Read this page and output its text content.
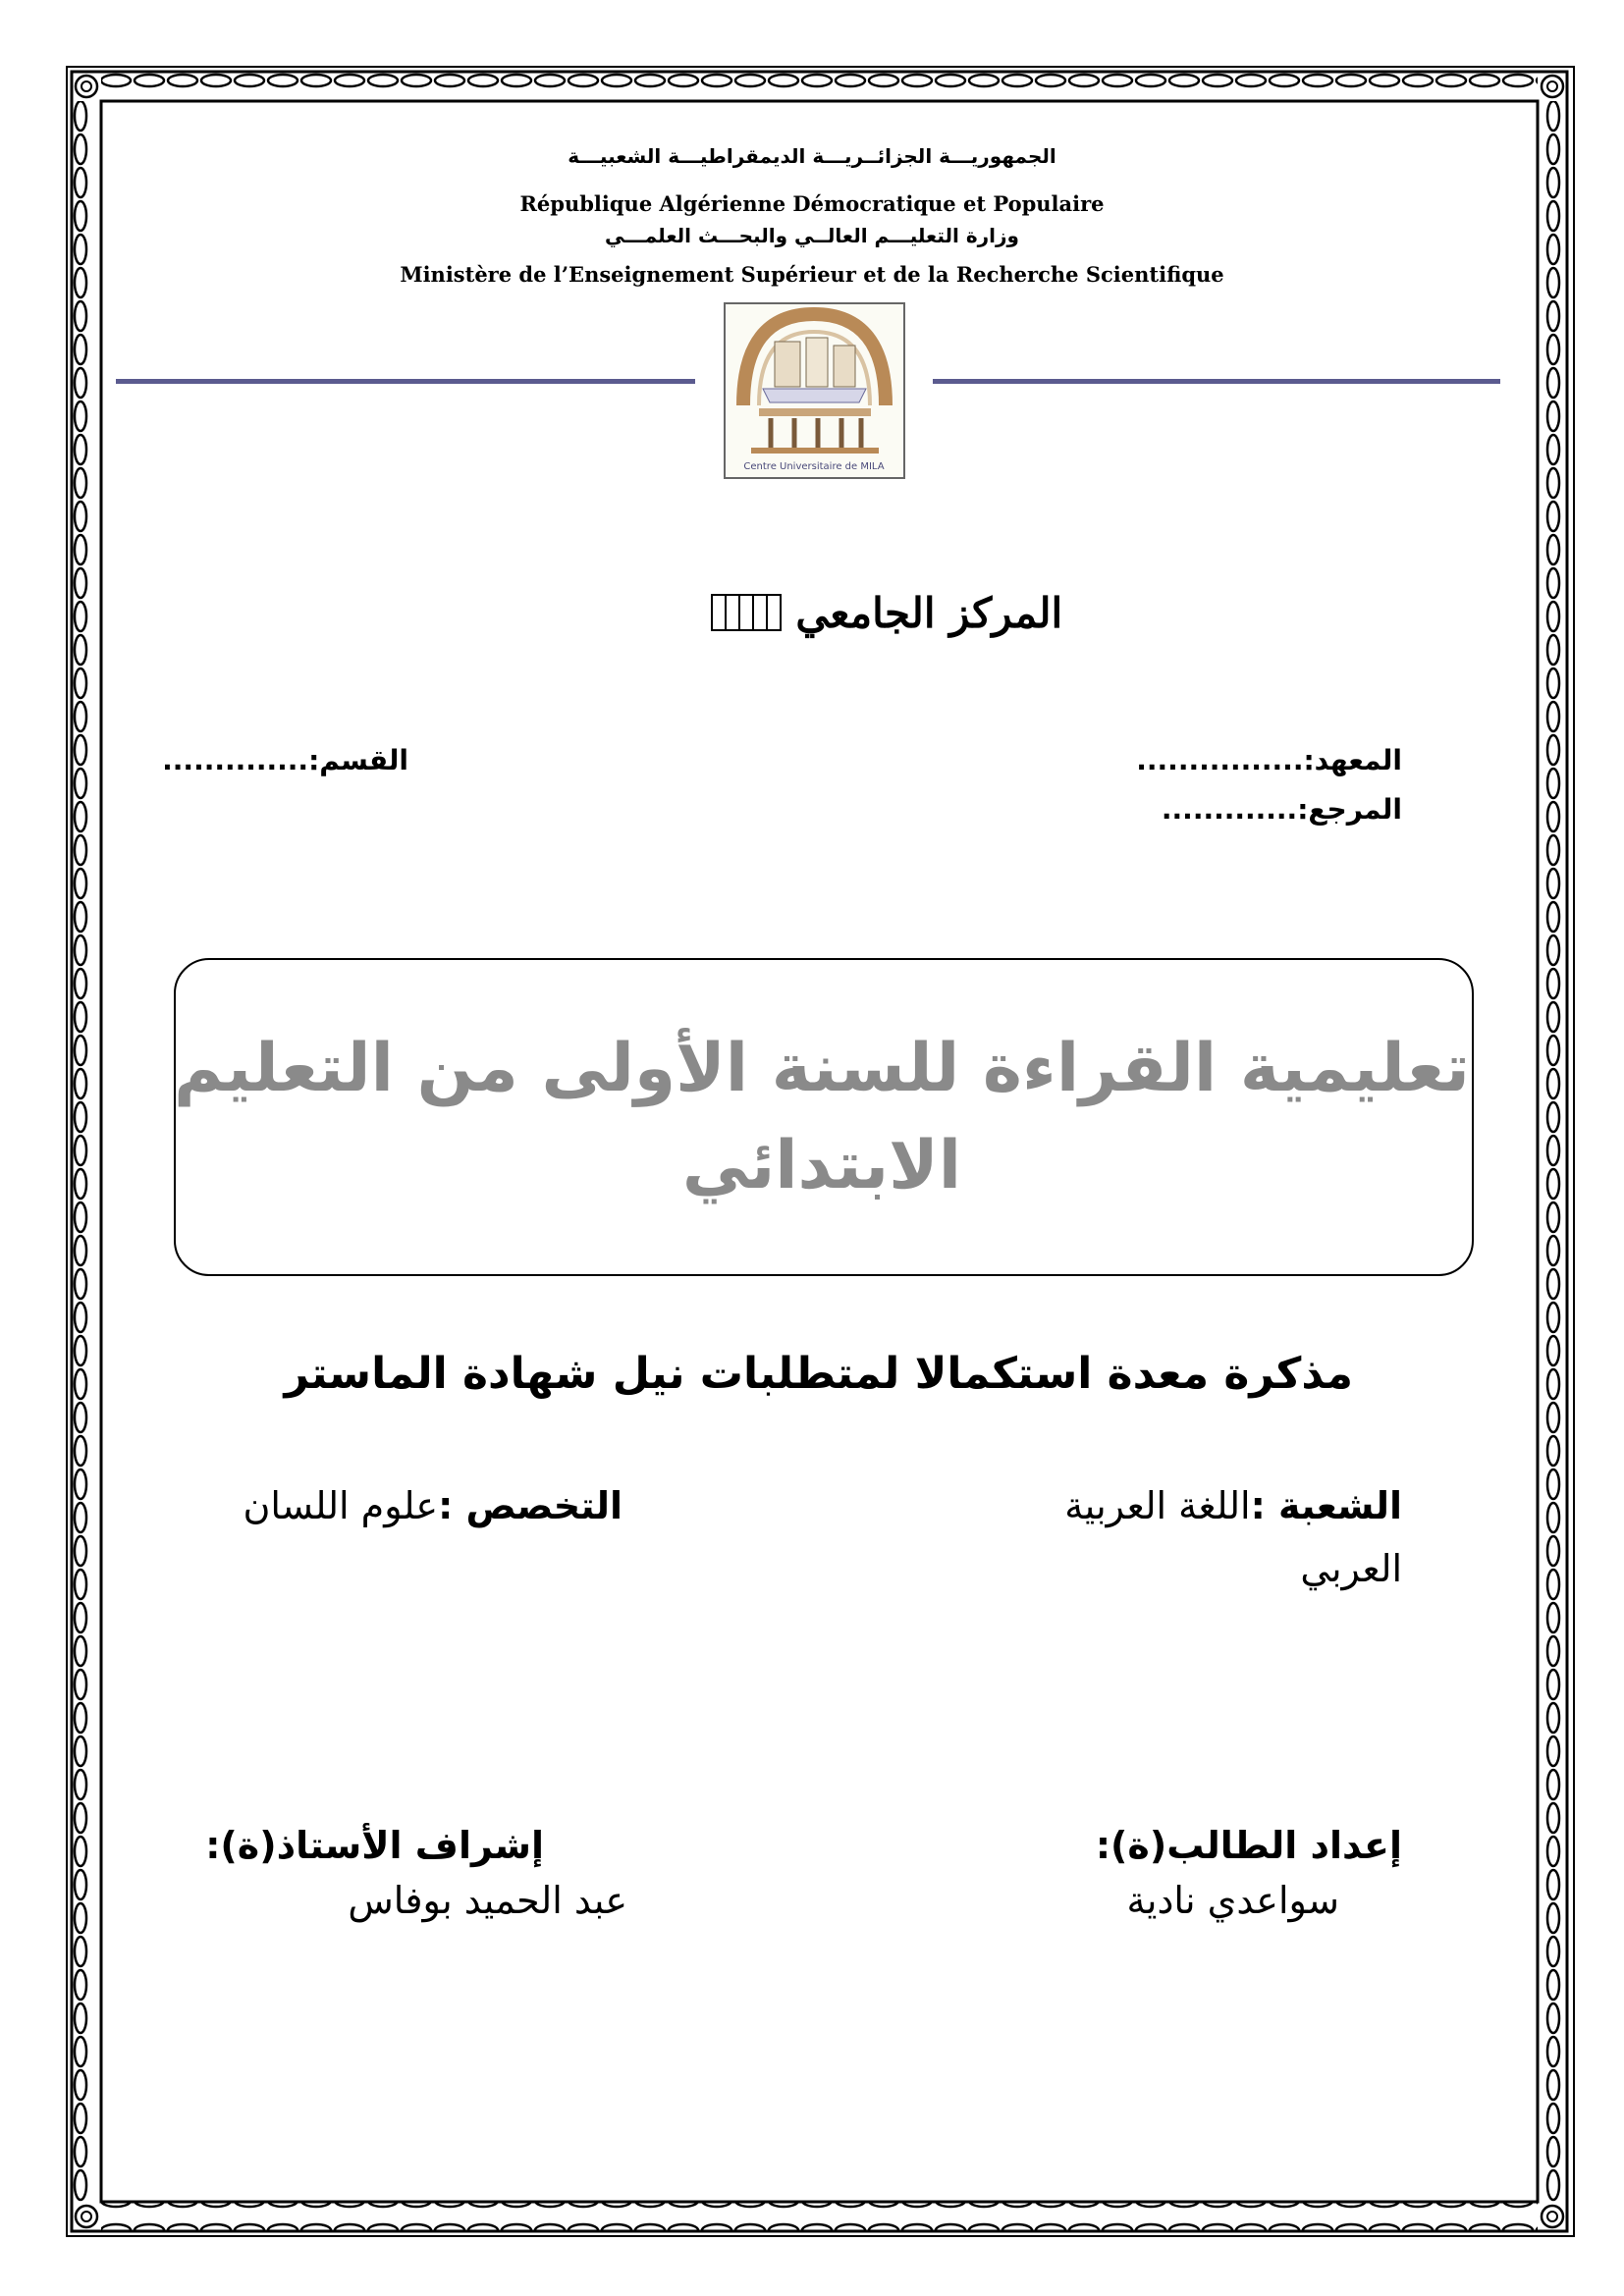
الجمهوريـــة الجزائــريـــة الديمقراطيـــة الشعبيـــة
République Algérienne Démocratique et Populaire
وزارة التعليـــم العالــي والبحـــث العلمـــي
Ministère de l’Enseignement Supérieur et de la Recherche Scientifique
Centre Universitaire de MILA
المركز الجامعي
المعهد:................
القسم:..............
المرجع:.............
تعليمية القراءة للسنة الأولى من التعليم
الابتدائي
مذكرة معدة استكمالا لمتطلبات نيل شهادة الماستر
الشعبة :اللغة العربية
العربي
التخصص :علوم اللسان
إعداد الطالب(ة):
سواعدي نادية
إشراف الأستاذ(ة):
عبد الحميد بوفاس
